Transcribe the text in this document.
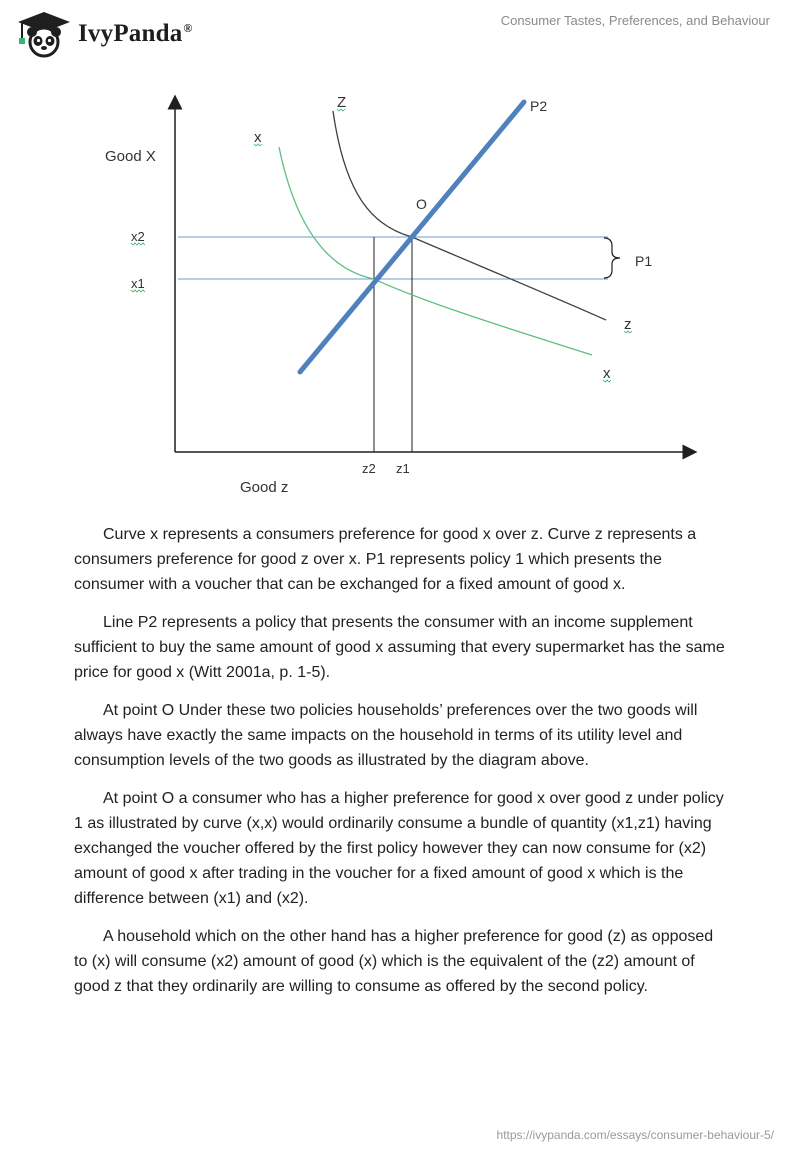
IvyPanda®	Consumer Tastes, Preferences, and Behaviour
Good X
Good z
x2
x1
z2 z1
x
x
Z
z
P2
P1
O

Curve x represents a consumers preference for good x over z. Curve z represents a consumers preference for good z over x. P1 represents policy 1 which presents the consumer with a voucher that can be exchanged for a fixed amount of good x.

Line P2 represents a policy that presents the consumer with an income supplement sufficient to buy the same amount of good x assuming that every supermarket has the same price for good x (Witt 2001a, p. 1-5).

At point O Under these two policies households’ preferences over the two goods will always have exactly the same impacts on the household in terms of its utility level and consumption levels of the two goods as illustrated by the diagram above.

At point O a consumer who has a higher preference for good x over good z under policy 1 as illustrated by curve (x,x) would ordinarily consume a bundle of quantity (x1,z1) having exchanged the voucher offered by the first policy however they can now consume for (x2) amount of good x after trading in the voucher for a fixed amount of good x which is the difference between (x1) and (x2).

A household which on the other hand has a higher preference for good (z) as opposed to (x) will consume (x2) amount of good (x) which is the equivalent of the (z2) amount of good z that they ordinarily are willing to consume as offered by the second policy.

https://ivypanda.com/essays/consumer-behaviour-5/
